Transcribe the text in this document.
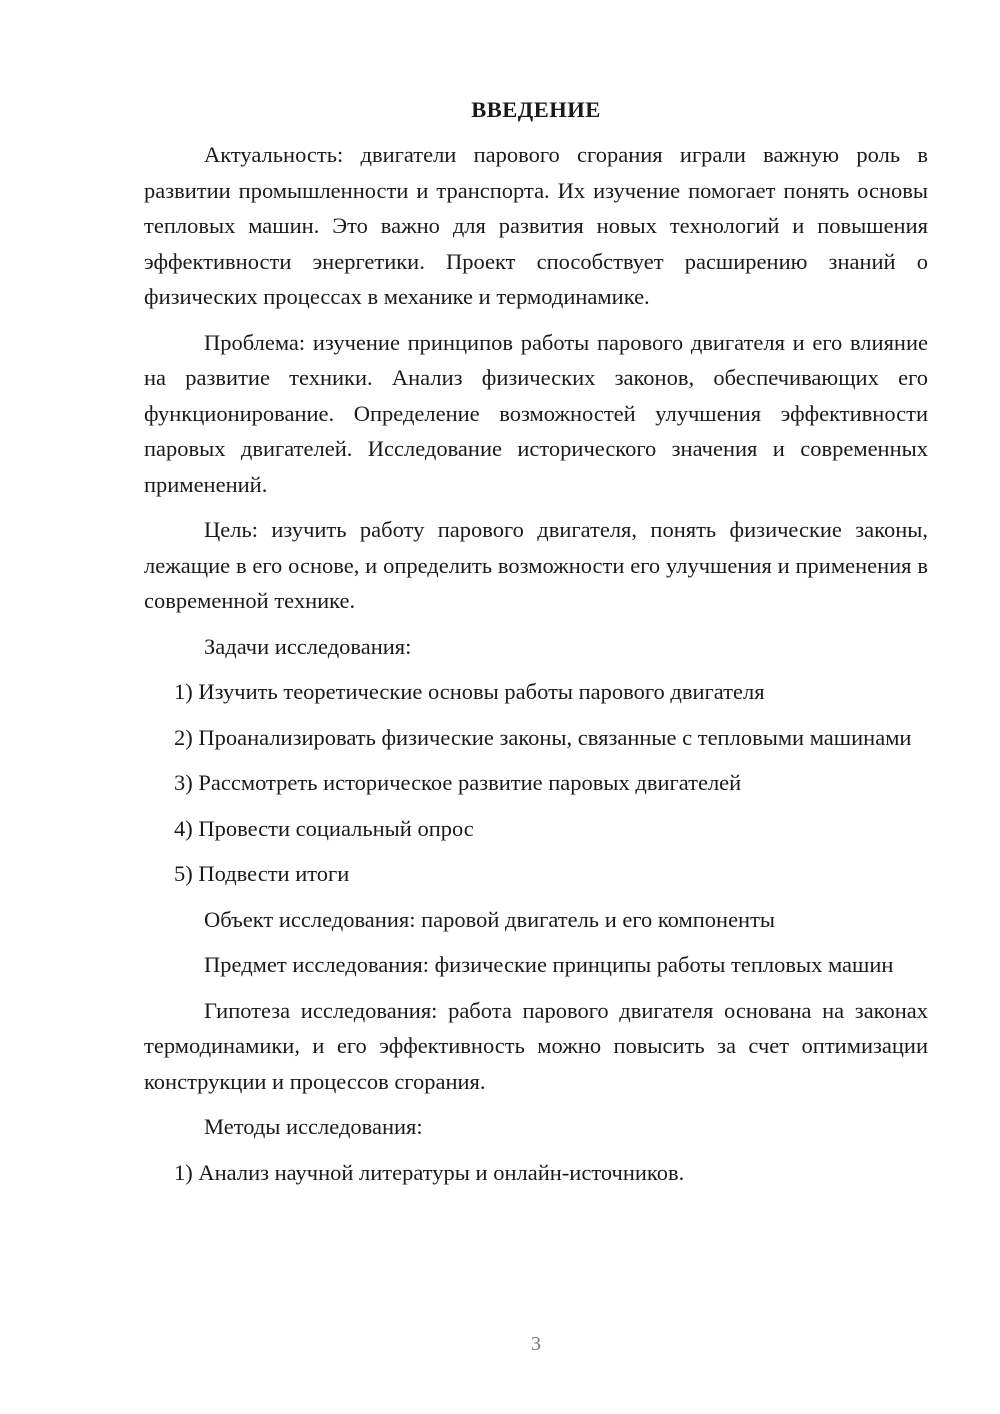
ВВЕДЕНИЕ

Актуальность: двигатели парового сгорания играли важную роль в развитии промышленности и транспорта. Их изучение помогает понять основы тепловых машин. Это важно для развития новых технологий и повышения эффективности энергетики. Проект способствует расширению знаний о физических процессах в механике и термодинамике.

Проблема: изучение принципов работы парового двигателя и его влияние на развитие техники. Анализ физических законов, обеспечивающих его функционирование. Определение возможностей улучшения эффективности паровых двигателей. Исследование исторического значения и современных применений.

Цель: изучить работу парового двигателя, понять физические законы, лежащие в его основе, и определить возможности его улучшения и применения в современной технике.

Задачи исследования:

1) Изучить теоретические основы работы парового двигателя

2) Проанализировать физические законы, связанные с тепловыми машинами

3) Рассмотреть историческое развитие паровых двигателей

4) Провести социальный опрос

5) Подвести итоги

Объект исследования: паровой двигатель и его компоненты

Предмет исследования: физические принципы работы тепловых машин

Гипотеза исследования: работа парового двигателя основана на законах термодинамики, и его эффективность можно повысить за счет оптимизации конструкции и процессов сгорания.

Методы исследования:

1) Анализ научной литературы и онлайн-источников.

3
